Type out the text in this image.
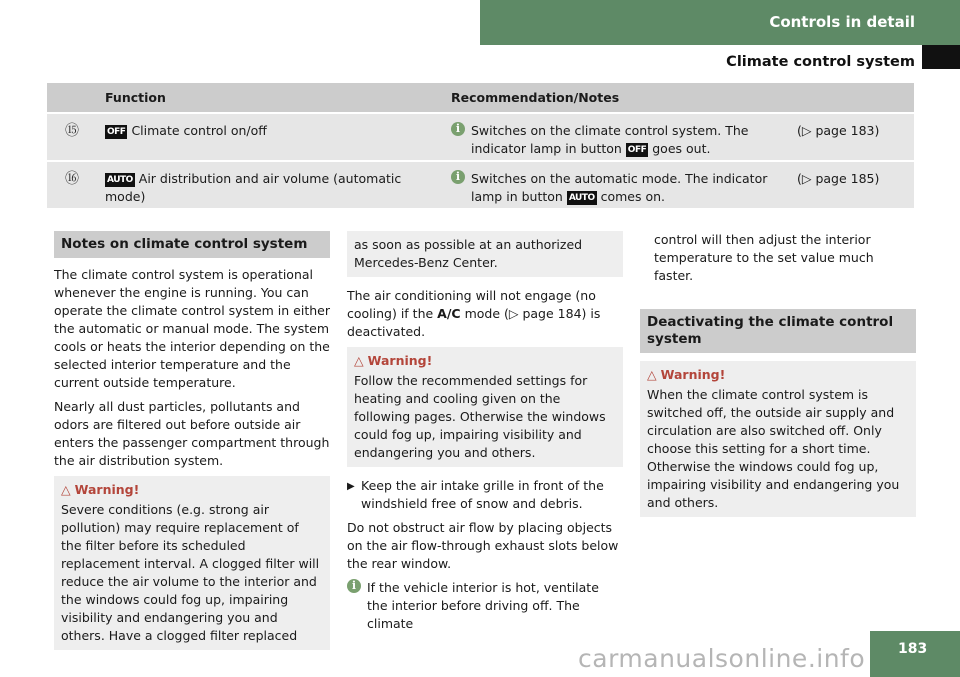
Controls in detail
Climate control system
	Function	Recommendation/Notes	
⑮	OFF Climate control on/off	i Switches on the climate control system. The indicator lamp in button OFF goes out.	(▷ page 183)
⑯	AUTO Air distribution and air volume (automatic mode)	i Switches on the automatic mode. The indicator lamp in button AUTO comes on.	(▷ page 185)
Notes on climate control system

The climate control system is operational whenever the engine is running. You can operate the climate control system in either the automatic or manual mode. The system cools or heats the interior depending on the selected interior temperature and the current outside temperature.

Nearly all dust particles, pollutants and odors are filtered out before outside air enters the passenger compartment through the air distribution system.

△ Warning!

Severe conditions (e.g. strong air pollution) may require replacement of the filter before its scheduled replacement interval. A clogged filter will reduce the air volume to the interior and the windows could fog up, impairing visibility and endangering you and others. Have a clogged filter replaced

as soon as possible at an authorized Mercedes-Benz Center.

The air conditioning will not engage (no cooling) if the A/C mode (▷ page 184) is deactivated.

△ Warning!

Follow the recommended settings for heating and cooling given on the following pages. Otherwise the windows could fog up, impairing visibility and endangering you and others.

▶ Keep the air intake grille in front of the windshield free of snow and debris.

Do not obstruct air flow by placing objects on the air flow-through exhaust slots below the rear window.

i If the vehicle interior is hot, ventilate the interior before driving off. The climate
control will then adjust the interior temperature to the set value much faster.
Deactivating the climate control system
△ Warning!

When the climate control system is switched off, the outside air supply and circulation are also switched off. Only choose this setting for a short time. Otherwise the windows could fog up, impairing visibility and endangering you and others.

183
carmanualsonline.info
